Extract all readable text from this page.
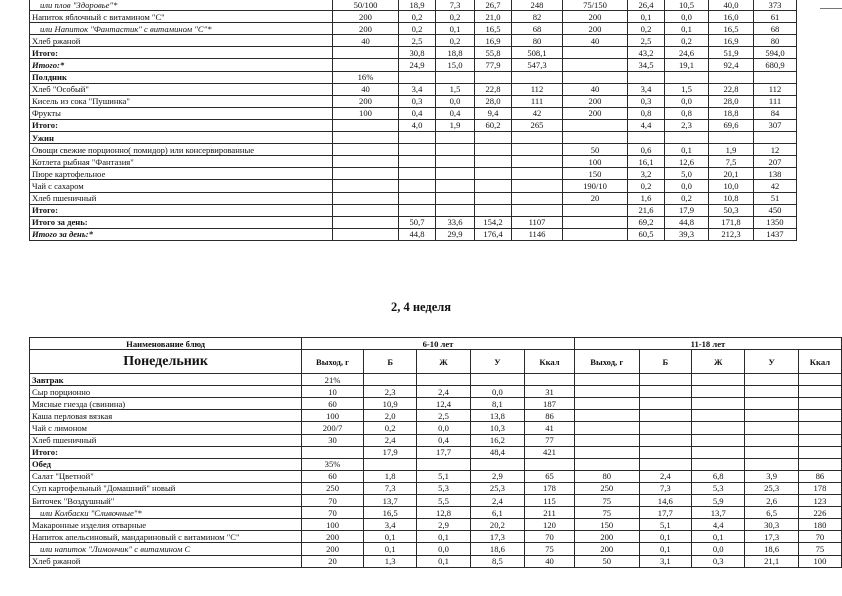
или плов "Здоровье"*	50/100	18,9	7,3	26,7	248	75/150	26,4	10,5	40,0	373
Напиток яблочный с витамином "С"	200	0,2	0,2	21,0	82	200	0,1	0,0	16,0	61
или Напиток "Фантастик" с витамином "С"*	200	0,2	0,1	16,5	68	200	0,2	0,1	16,5	68
Хлеб ржаной	40	2,5	0,2	16,9	80	40	2,5	0,2	16,9	80
Итого:		30,8	18,8	55,8	508,1		43,2	24,6	51,9	594,0
Итого:*		24,9	15,0	77,9	547,3		34,5	19,1	92,4	680,9
Полдник	16%									
Хлеб "Особый"	40	3,4	1,5	22,8	112	40	3,4	1,5	22,8	112
Кисель из сока "Пушинка"	200	0,3	0,0	28,0	111	200	0,3	0,0	28,0	111
Фрукты	100	0,4	0,4	9,4	42	200	0,8	0,8	18,8	84
Итого:		4,0	1,9	60,2	265		4,4	2,3	69,6	307
Ужин										
Овощи свежие порционно( помидор) или консервированные						50	0,6	0,1	1,9	12
Котлета рыбная "Фантазия"						100	16,1	12,6	7,5	207
Пюре картофельное						150	3,2	5,0	20,1	138
Чай с сахаром						190/10	0,2	0,0	10,0	42
Хлеб пшеничный						20	1,6	0,2	10,8	51
Итого:							21,6	17,9	50,3	450
Итого за день:		50,7	33,6	154,2	1107		69,2	44,8	171,8	1350
Итого за день:*		44,8	29,9	176,4	1146		60,5	39,3	212,3	1437
2, 4 неделя
Наименование блюд	6-10 лет					11-18 лет				
Понедельник	Выход, г	Б	Ж	У	Ккал	Выход, г	Б	Ж	У	Ккал
Завтрак	21%									
Сыр порционно	10	2,3	2,4	0,0	31					
Мясные гнезда (свинина)	60	10,9	12,4	8,1	187					
Каша перловая вязкая	100	2,0	2,5	13,8	86					
Чай с лимоном	200/7	0,2	0,0	10,3	41					
Хлеб пшеничный	30	2,4	0,4	16,2	77					
Итого:		17,9	17,7	48,4	421					
Обед	35%									
Салат "Цветной"	60	1,8	5,1	2,9	65	80	2,4	6,8	3,9	86
Суп картофельный "Домашний" новый	250	7,3	5,3	25,3	178	250	7,3	5,3	25,3	178
Биточек "Воздушный"	70	13,7	5,5	2,4	115	75	14,6	5,9	2,6	123
или Колбаски "Сливочные"*	70	16,5	12,8	6,1	211	75	17,7	13,7	6,5	226
Макаронные изделия отварные	100	3,4	2,9	20,2	120	150	5,1	4,4	30,3	180
Напиток апельсиновый, мандариновый с витамином "С"	200	0,1	0,1	17,3	70	200	0,1	0,1	17,3	70
или напиток "Лимончик" с витамином С	200	0,1	0,0	18,6	75	200	0,1	0,0	18,6	75
Хлеб ржаной	20	1,3	0,1	8,5	40	50	3,1	0,3	21,1	100
